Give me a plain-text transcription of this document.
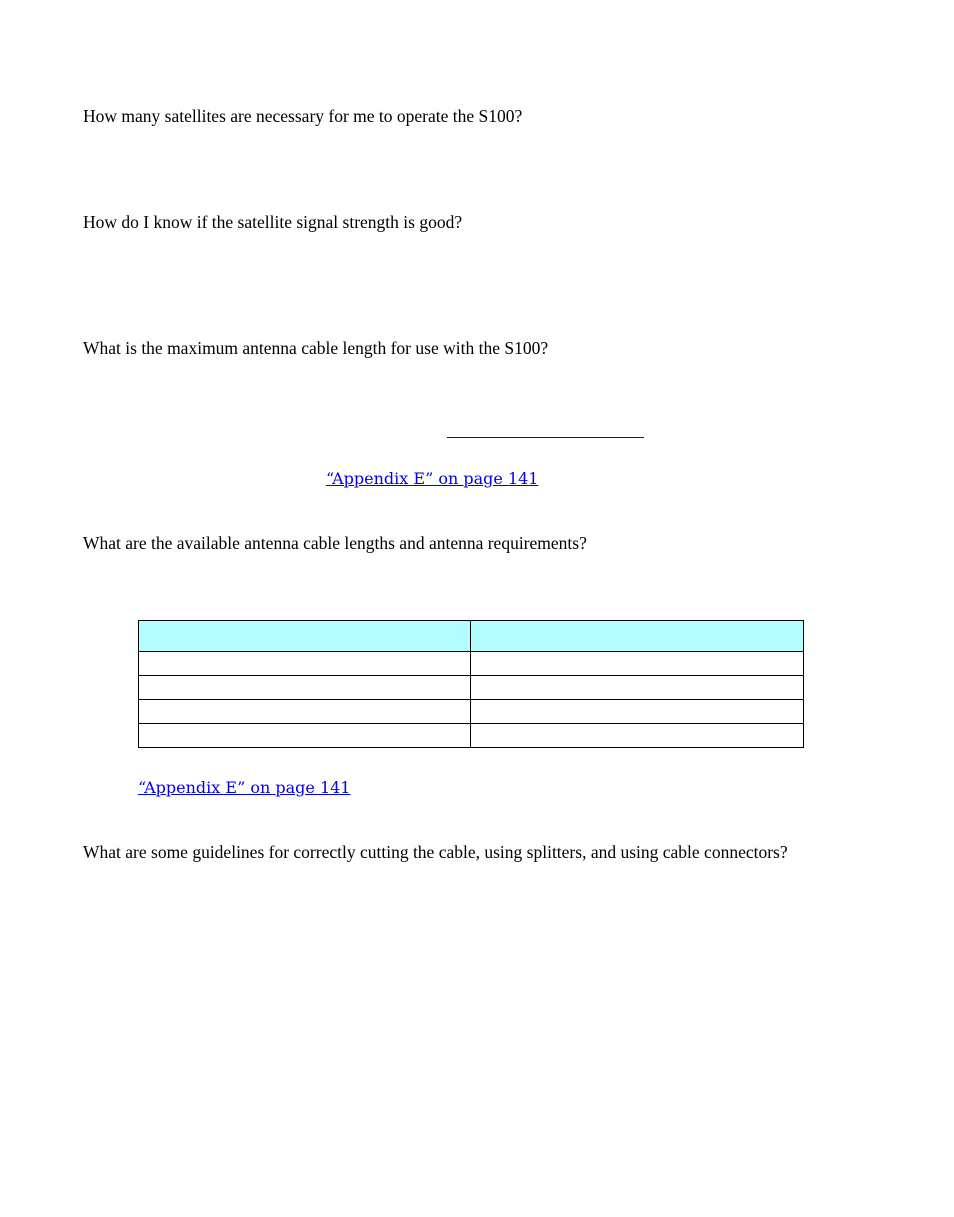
How many satellites are necessary for me to operate the S100?

How do I know if the satellite signal strength is good?

What is the maximum antenna cable length for use with the S100?

“Appendix E” on page 141

What are the available antenna cable lengths and antenna requirements?

“Appendix E” on page 141

What are some guidelines for correctly cutting the cable, using splitters, and using cable connectors?
